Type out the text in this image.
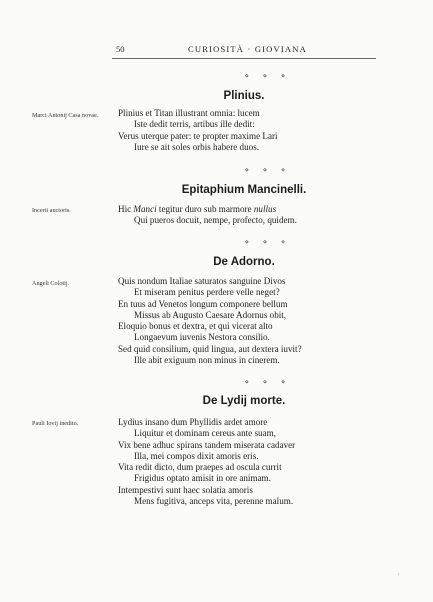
50	CURIOSITÀ · GIOVIANA
⋄ ⋄ ⋄
Plinius.
Marci Antonij Casa novae.	Plinius et Titan illustrant omnia: lucem
Iste dedit terris, artibus ille dedit:
Verus uterque pater: te propter maxime Lari
Iure se ait soles orbis habere duos.
⋄ ⋄ ⋄
Epitaphium Mancinelli.
Incerti auctoris.	Hic Manci tegitur duro sub marmore nullus
Qui pueros docuit, nempe, profecto, quidem.
⋄ ⋄ ⋄
De Adorno.
Angeli Colotij.	Quis nondum Italiae saturatos sanguine Divos
Et miseram penitus perdere velle neget?
En tuus ad Venetos longum componere bellum
Missus ab Augusto Caesare Adornus obit,
Eloquio bonus et dextra, et qui vicerat alto
Longaevum iuvenis Nestora consilio.
Sed quid consilium, quid lingua, aut dextera iuvit?
Ille abit exiguum non minus in cinerem.
⋄ ⋄ ⋄
De Lydij morte.
Pauli Iovij inedito.	Lydius insano dum Phyllidis ardet amore
Liquitur et dominam cereus ante suam,
Vix bene adhuc spirans tandem miserata cadaver
Illa, mei compos dixit amoris eris.
Vita redit dicto, dum praepes ad oscula currit
Frigidus optato amisit in ore animam.
Intempestivi sunt haec solatia amoris
Mens fugitiva, anceps vita, perenne malum.
'
